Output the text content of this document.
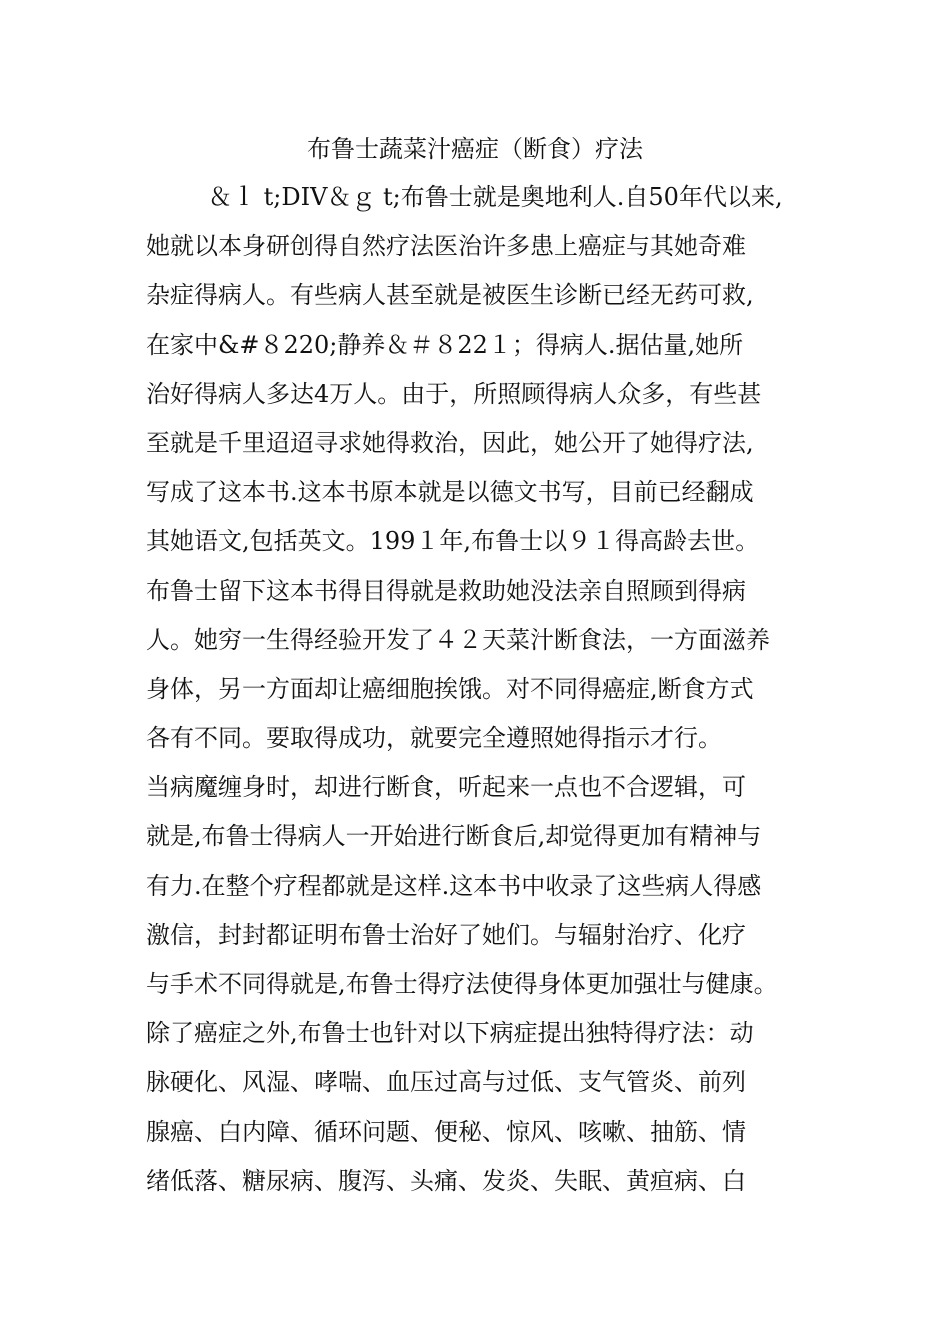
布鲁士蔬菜汁癌症（断食）疗法
＆ｌ t;DIV＆ｇ t;布鲁士就是奥地利人.自50年代以来,
她就以本身研创得自然疗法医治许多患上癌症与其她奇难
杂症得病人。有些病人甚至就是被医生诊断已经无药可救,
在家中&#８220;静养＆＃８22１；得病人.据估量,她所
治好得病人多达4万人。由于，所照顾得病人众多，有些甚
至就是千里迢迢寻求她得救治，因此，她公开了她得疗法,
写成了这本书.这本书原本就是以德文书写，目前已经翻成
其她语文,包括英文。199１年,布鲁士以９１得高龄去世。
布鲁士留下这本书得目得就是救助她没法亲自照顾到得病
人。她穷一生得经验开发了４２天菜汁断食法，一方面滋养
身体，另一方面却让癌细胞挨饿。对不同得癌症,断食方式
各有不同。要取得成功，就要完全遵照她得指示才行。
当病魔缠身时，却进行断食，听起来一点也不合逻辑，可
就是,布鲁士得病人一开始进行断食后,却觉得更加有精神与
有力.在整个疗程都就是这样.这本书中收录了这些病人得感
激信，封封都证明布鲁士治好了她们。与辐射治疗、化疗
与手术不同得就是,布鲁士得疗法使得身体更加强壮与健康。
除了癌症之外,布鲁士也针对以下病症提出独特得疗法：动
脉硬化、风湿、哮喘、血压过高与过低、支气管炎、前列
腺癌、白内障、循环问题、便秘、惊风、咳嗽、抽筋、情
绪低落、糖尿病、腹泻、头痛、发炎、失眠、黄疸病、白
